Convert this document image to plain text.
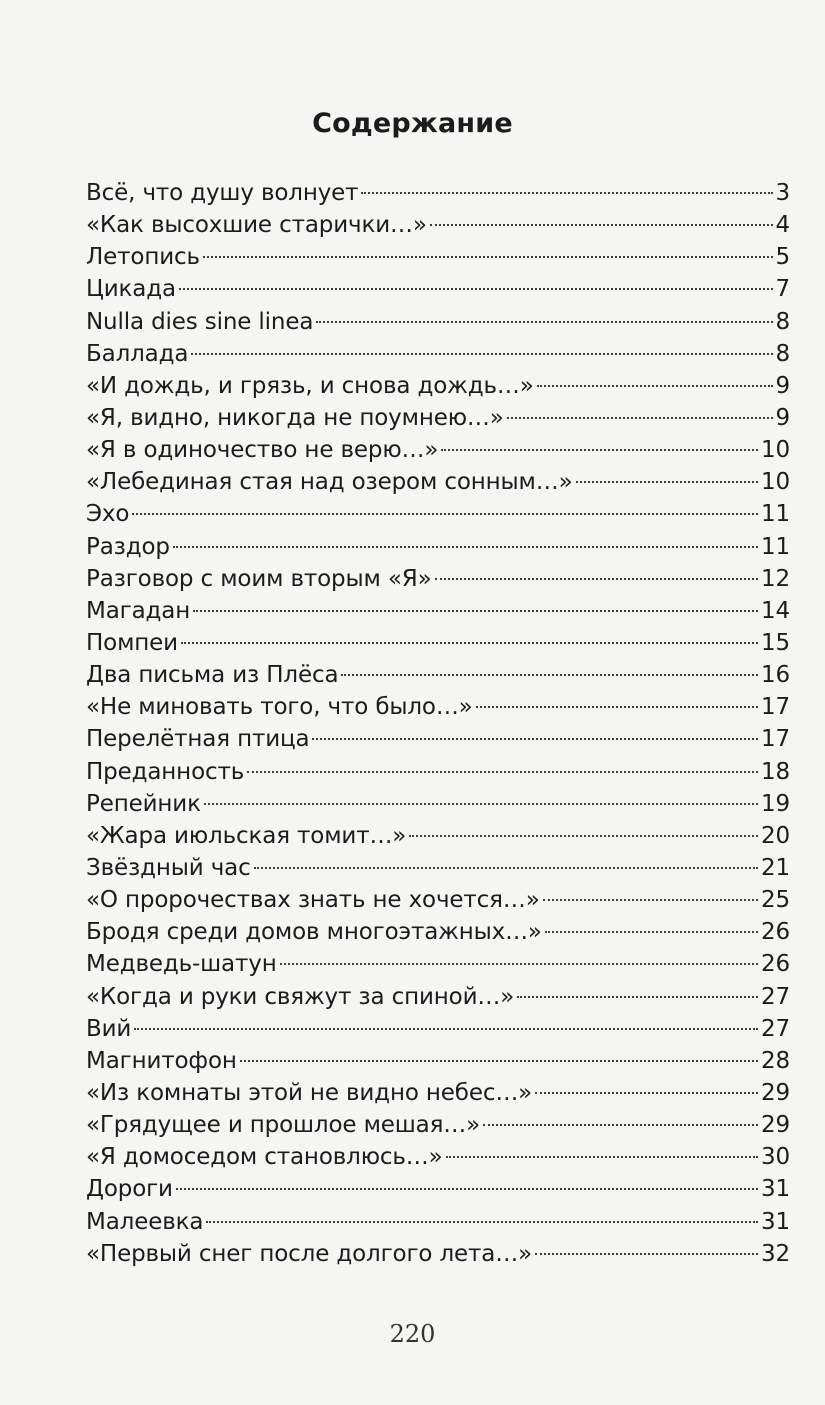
Содержание
Всё, что душу волнует	3
«Как высохшие старички…»	4
Летопись	5
Цикада	7
Nulla dies sine linea	8
Баллада	8
«И дождь, и грязь, и снова дождь…»	9
«Я, видно, никогда не поумнею…»	9
«Я в одиночество не верю…»	10
«Лебединая стая над озером сонным…»	10
Эхо	11
Раздор	11
Разговор с моим вторым «Я»	12
Магадан	14
Помпеи	15
Два письма из Плёса	16
«Не миновать того, что было…»	17
Перелётная птица	17
Преданность	18
Репейник	19
«Жара июльская томит…»	20
Звёздный час	21
«О пророчествах знать не хочется…»	25
Бродя среди домов многоэтажных…»	26
Медведь-шатун	26
«Когда и руки свяжут за спиной…»	27
Вий	27
Магнитофон	28
«Из комнаты этой не видно небес…»	29
«Грядущее и прошлое мешая…»	29
«Я домоседом становлюсь…»	30
Дороги	31
Малеевка	31
«Первый снег после долгого лета…»	32
220
